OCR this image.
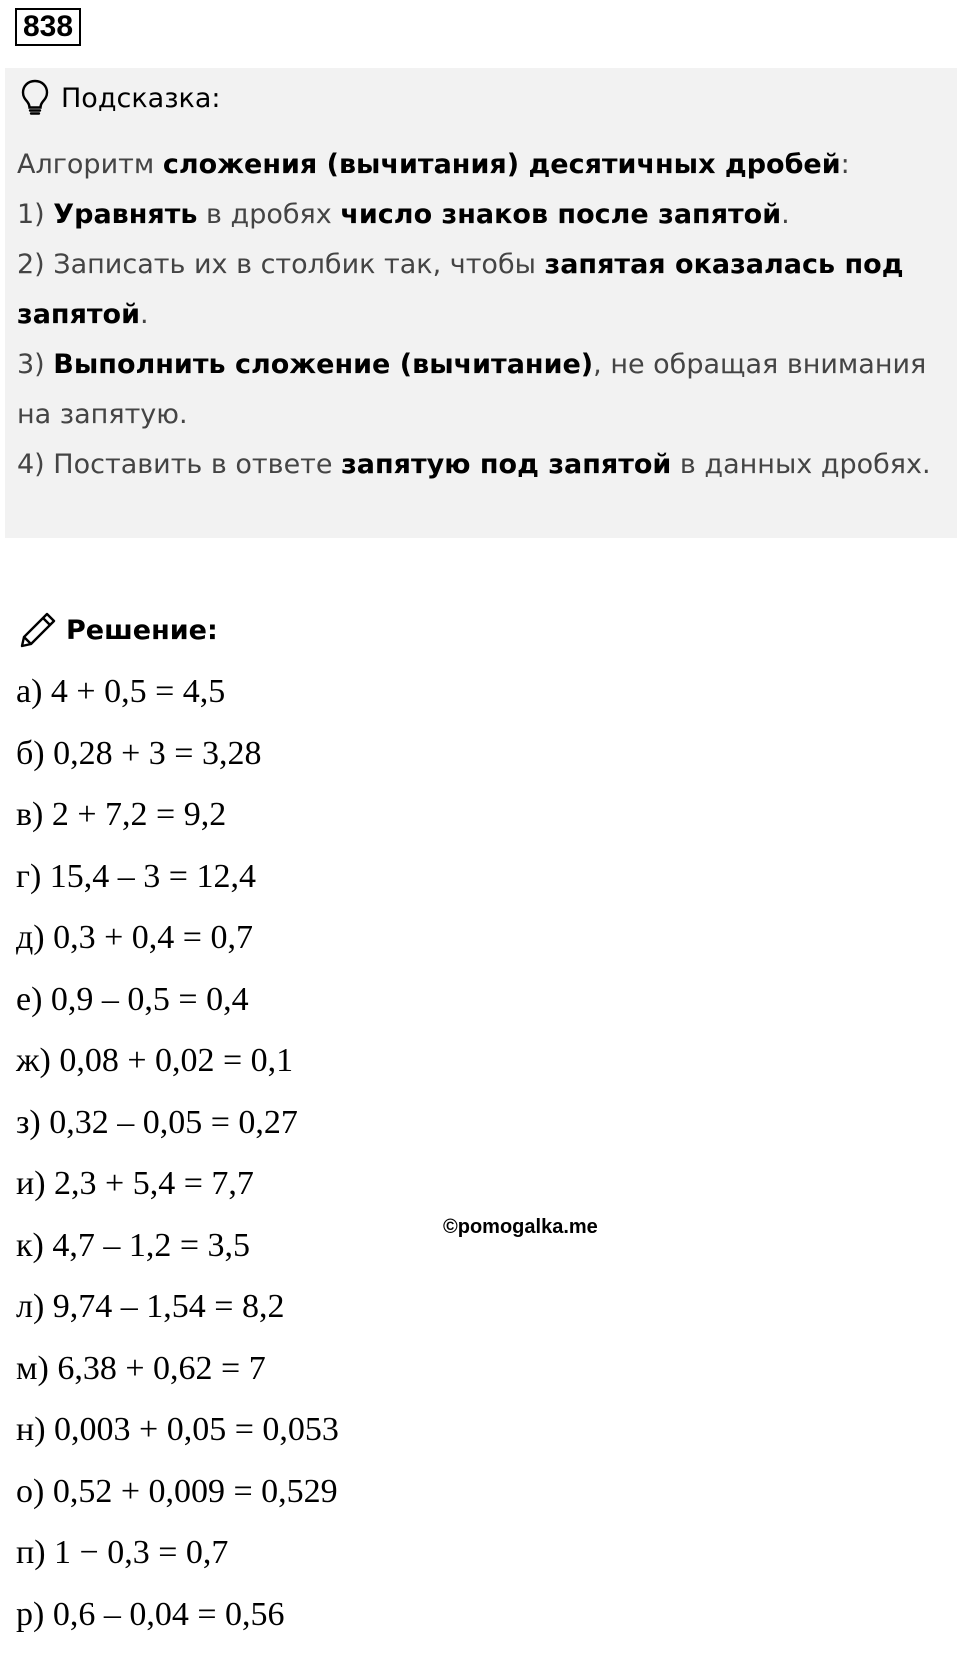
838
Подсказка:

Алгоритм сложения (вычитания) десятичных дробей:

1) Уравнять в дробях число знаков после запятой.

2) Записать их в столбик так, чтобы запятая оказалась под

запятой.

3) Выполнить сложение (вычитание), не обращая внимания

на запятую.

4) Поставить в ответе запятую под запятой в данных дробях.

Решение:
а) 4 + 0,5 = 4,5
б) 0,28 + 3 = 3,28
в) 2 + 7,2 = 9,2
г) 15,4 – 3 = 12,4
д) 0,3 + 0,4 = 0,7
е) 0,9 – 0,5 = 0,4
ж) 0,08 + 0,02 = 0,1
з) 0,32 – 0,05 = 0,27
и) 2,3 + 5,4 = 7,7
к) 4,7 – 1,2 = 3,5
л) 9,74 – 1,54 = 8,2
м) 6,38 + 0,62 = 7
н) 0,003 + 0,05 = 0,053
о) 0,52 + 0,009 = 0,529
п) 1 − 0,3 = 0,7
р) 0,6 – 0,04 = 0,56
©pomogalka.me
